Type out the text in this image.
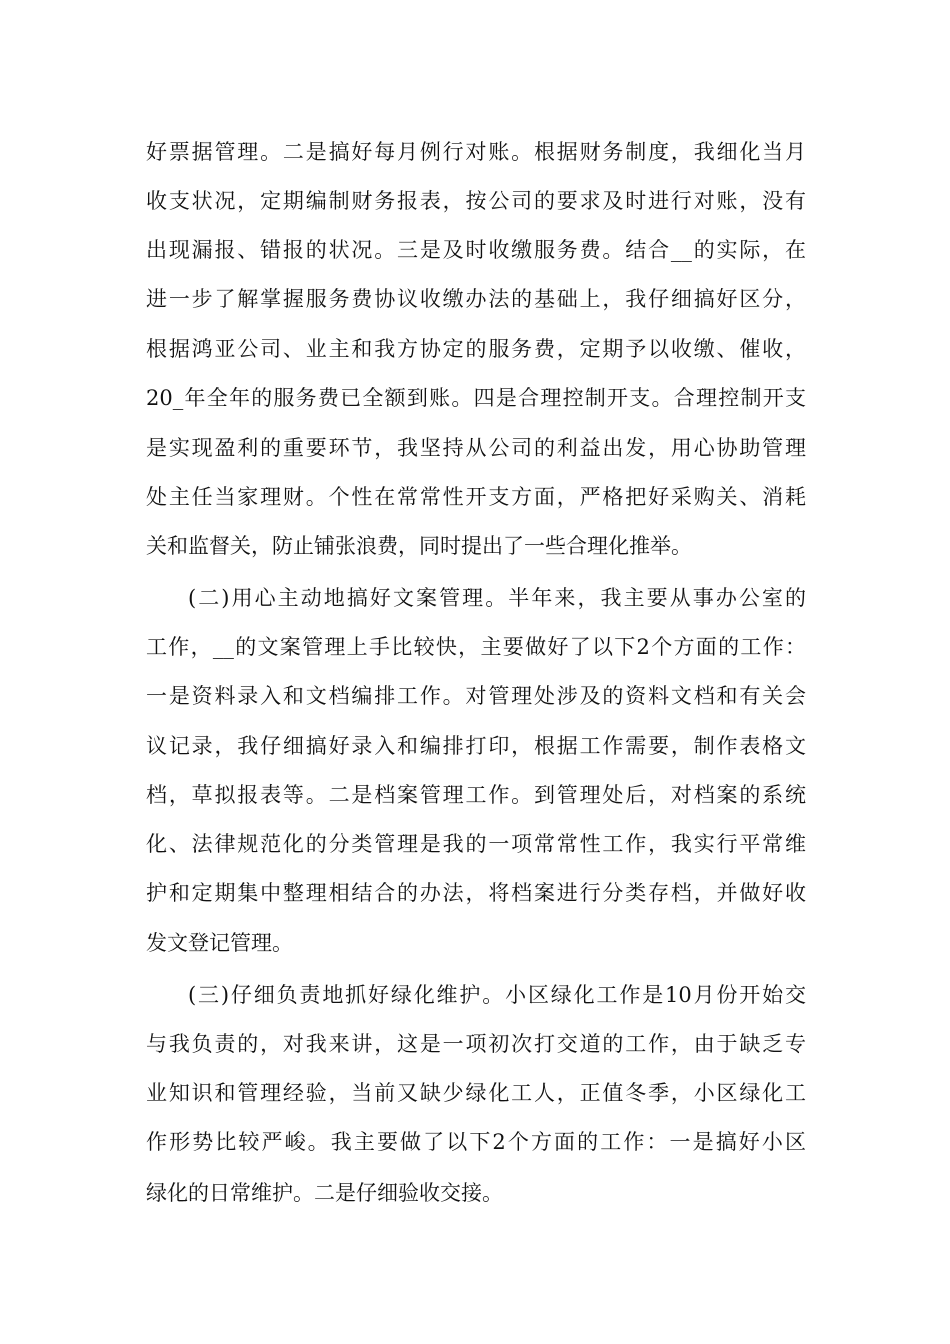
好票据管理。二是搞好每月例行对账。根据财务制度，我细化当月
收支状况，定期编制财务报表，按公司的要求及时进行对账，没有
出现漏报、错报的状况。三是及时收缴服务费。结合__的实际，在
进一步了解掌握服务费协议收缴办法的基础上，我仔细搞好区分，
根据鸿亚公司、业主和我方协定的服务费，定期予以收缴、催收，
20_年全年的服务费已全额到账。四是合理控制开支。合理控制开支
是实现盈利的重要环节，我坚持从公司的利益出发，用心协助管理
处主任当家理财。个性在常常性开支方面，严格把好采购关、消耗
关和监督关，防止铺张浪费，同时提出了一些合理化推举。
(二)用心主动地搞好文案管理。半年来，我主要从事办公室的
工作，__的文案管理上手比较快，主要做好了以下2个方面的工作：
一是资料录入和文档编排工作。对管理处涉及的资料文档和有关会
议记录，我仔细搞好录入和编排打印，根据工作需要，制作表格文
档，草拟报表等。二是档案管理工作。到管理处后，对档案的系统
化、法律规范化的分类管理是我的一项常常性工作，我实行平常维
护和定期集中整理相结合的办法，将档案进行分类存档，并做好收
发文登记管理。
(三)仔细负责地抓好绿化维护。小区绿化工作是10月份开始交
与我负责的，对我来讲，这是一项初次打交道的工作，由于缺乏专
业知识和管理经验，当前又缺少绿化工人，正值冬季，小区绿化工
作形势比较严峻。我主要做了以下2个方面的工作：一是搞好小区
绿化的日常维护。二是仔细验收交接。
